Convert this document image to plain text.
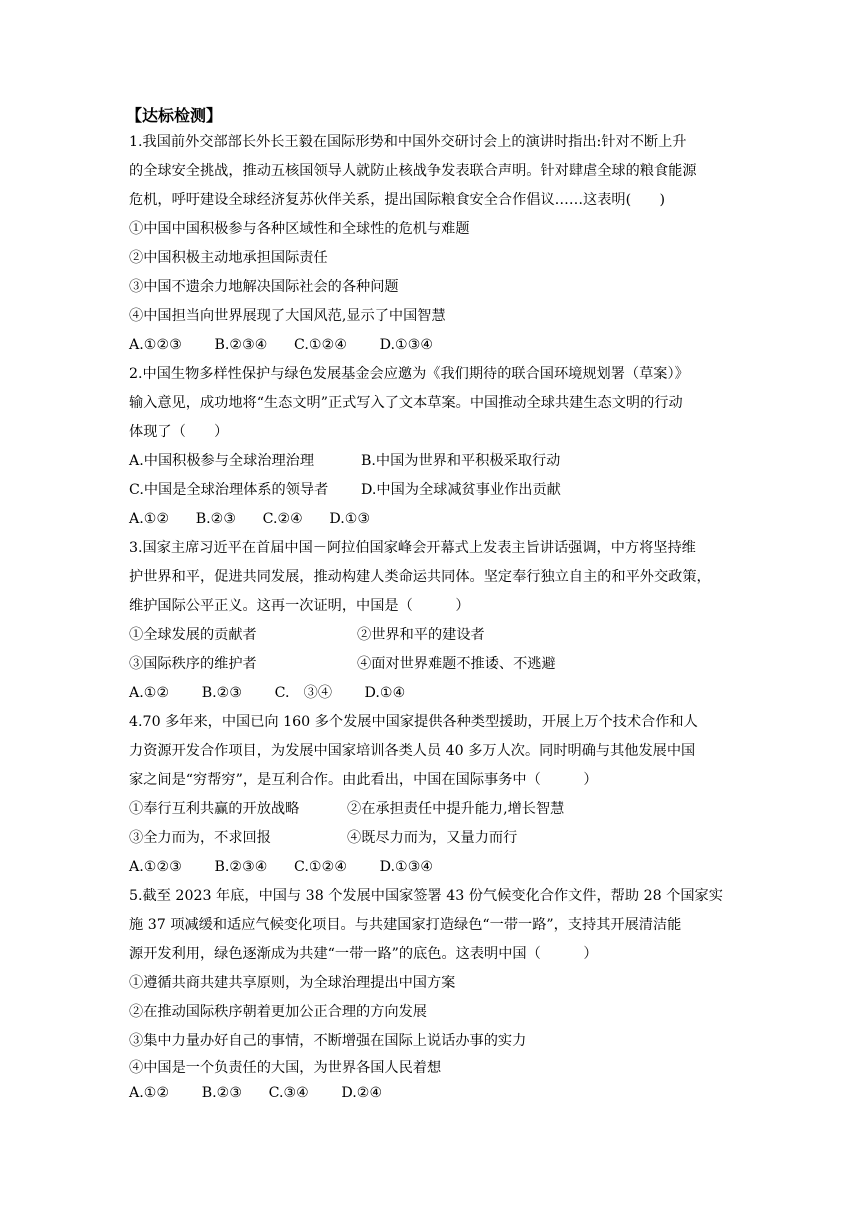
【达标检测】
1.我国前外交部部长外长王毅在国际形势和中国外交研讨会上的演讲时指出:针对不断上升
的全球安全挑战，推动五核国领导人就防止核战争发表联合声明。针对肆虐全球的粮食能源
危机，呼吁建设全球经济复苏伙伴关系，提出国际粮食安全合作倡议……这表明(　　)
①中国中国积极参与各种区域性和全球性的危机与难题
②中国积极主动地承担国际责任
③中国不遗余力地解决国际社会的各种问题
④中国担当向世界展现了大国风范,显示了中国智慧
A.①②③ B.②③④ C.①②④ D.①③④
2.中国生物多样性保护与绿色发展基金会应邀为《我们期待的联合国环境规划署（草案）》
输入意见，成功地将“生态文明”正式写入了文本草案。中国推动全球共建生态文明的行动
体现了（　　）
A.中国积极参与全球治理治理	B.中国为世界和平积极采取行动
C.中国是全球治理体系的领导者	D.中国为全球减贫事业作出贡献
A.①② B.②③ C.②④ D.①③
3.国家主席习近平在首届中国－阿拉伯国家峰会开幕式上发表主旨讲话强调，中方将坚持维
护世界和平，促进共同发展，推动构建人类命运共同体。坚定奉行独立自主的和平外交政策，
维护国际公平正义。这再一次证明，中国是（　　　）
①全球发展的贡献者	②世界和平的建设者
③国际秩序的维护者	④面对世界难题不推诿、不逃避
A.①② B.②③ C.　③④ D.①④
4.70 多年来，中国已向 160 多个发展中国家提供各种类型援助，开展上万个技术合作和人
力资源开发合作项目，为发展中国家培训各类人员 40 多万人次。同时明确与其他发展中国
家之间是“穷帮穷”，是互利合作。由此看出，中国在国际事务中（　　　）
①奉行互利共赢的开放战略	②在承担责任中提升能力,增长智慧
③全力而为，不求回报	④既尽力而为，又量力而行
A.①②③ B.②③④ C.①②④ D.①③④
5.截至 2023 年底，中国与 38 个发展中国家签署 43 份气候变化合作文件，帮助 28 个国家实
施 37 项减缓和适应气候变化项目。与共建国家打造绿色“一带一路”，支持其开展清洁能
源开发利用，绿色逐渐成为共建“一带一路”的底色。这表明中国（　　　）
①遵循共商共建共享原则，为全球治理提出中国方案
②在推动国际秩序朝着更加公正合理的方向发展
③集中力量办好自己的事情，不断增强在国际上说话办事的实力
④中国是一个负责任的大国，为世界各国人民着想
A.①② B.②③ C.③④ D.②④
